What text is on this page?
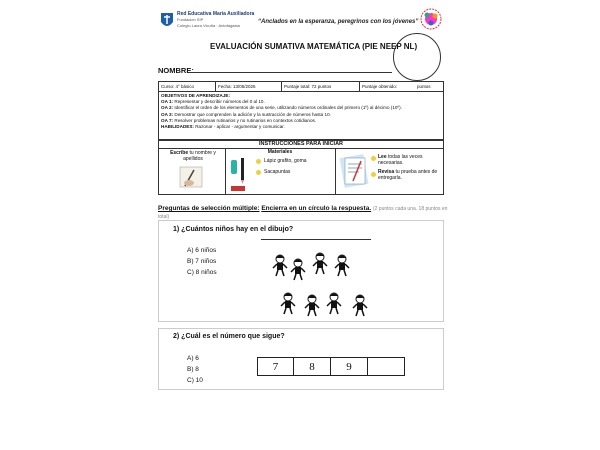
Red Educativa María Auxiliadora
Fundación SIP
Colegio Laura Vicuña · Antofagasta
“Anclados en la esperanza, peregrinos con los jóvenes”
EVALUACIÓN SUMATIVA MATEMÁTICA (PIE NEEP NL)
NOMBRE:
Curso: 4° básico	Fecha: 13/05/2025	Puntaje total: 72 puntos	Puntaje obtenido:	puntos
OBJETIVOS DE APRENDIZAJE:
OA 1: Representar y describir números del 0 al 10.
OA 2: Identificar el orden de los elementos de una serie, utilizando números ordinales del primero (1º) al décimo (10º).
OA 3: Demostrar que comprenden la adición y la sustracción de números hasta 10.
OA 7: Resolver problemas rutinarios y no rutinarios en contextos cotidianos.
HABILIDADES: Razonar - aplicar - argumentar y comunicar.
INSTRUCCIONES PARA INICIAR
Escribe tu nombre y apellidos
Materiales
Lápiz grafito, goma
Sacapuntas
Lee todas las veces necesarias.
Revisa tu prueba antes de entregarla.
Preguntas de selección múltiple: Encierra en un círculo la respuesta. (2 puntos cada una. 18 puntos en
total)
1) ¿Cuántos niños hay en el dibujo?
A) 6 niños
B) 7 niños
C) 8 niños
2) ¿Cuál es el número que sigue?
A) 6
B) 8
C) 10
7	8	9
